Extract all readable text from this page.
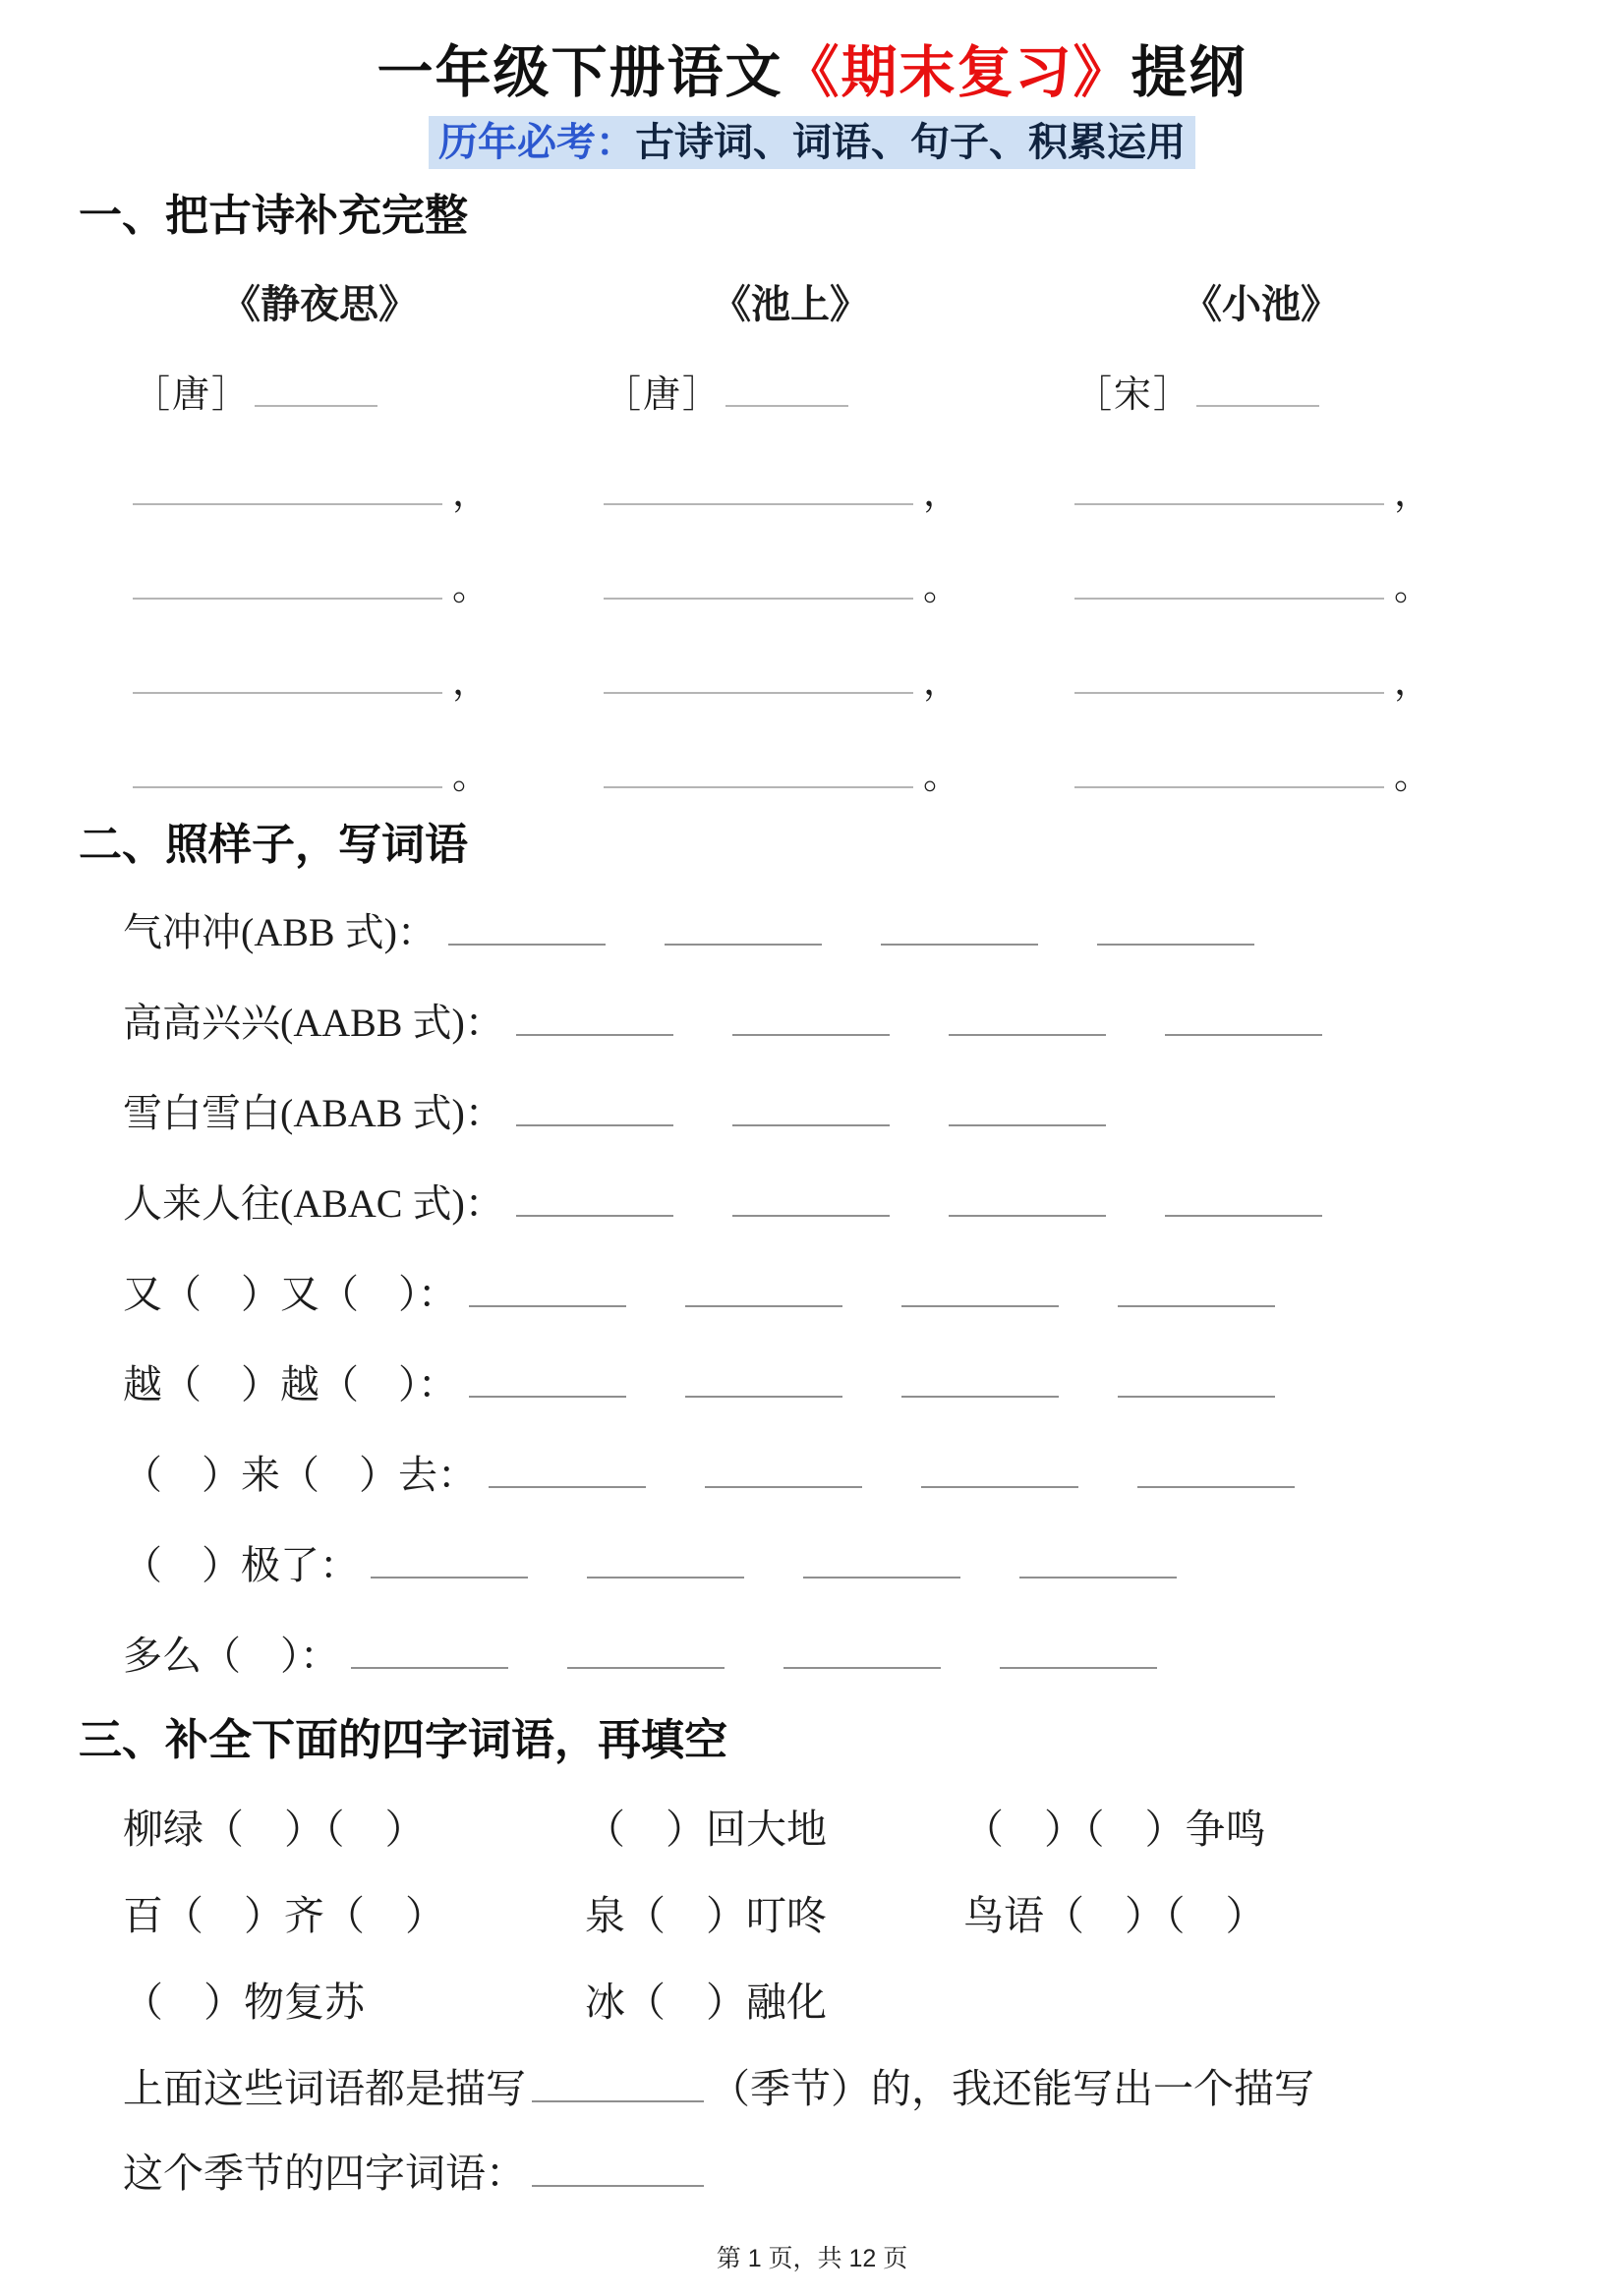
一年级下册语文《期末复习》提纲
历年必考：古诗词、词语、句子、积累运用
一、把古诗补充完整
《静夜思》
［唐］
，
。
，
。
《池上》
［唐］
，
。
，
。
《小池》
［宋］
，
。
，
。
二、照样子，写词语
气冲冲(ABB 式)：
高高兴兴(AABB 式)：
雪白雪白(ABAB 式)：
人来人往(ABAC 式)：
又（　）又（　）：
越（　）越（　）：
（　）来（　）去：
（　）极了：
多么（　）：
三、补全下面的四字词语，再填空
柳绿（　）（　）	（　）回大地	（　）（　）争鸣
百（　）齐（　）	泉（　）叮咚	鸟语（　）（　）
（　）物复苏	冰（　）融化
上面这些词语都是描写	（季节）的，我还能写出一个描写
这个季节的四字词语：
第 1 页，共 12 页
